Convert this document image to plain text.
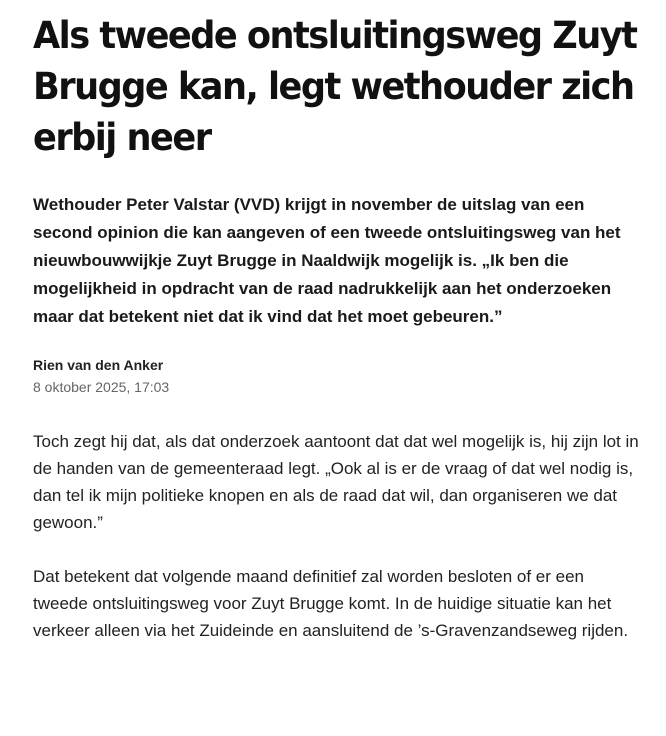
Als tweede ontsluitingsweg Zuyt Brugge kan, legt wethouder zich erbij neer

Wethouder Peter Valstar (VVD) krijgt in november de uitslag van een second opinion die kan aangeven of een tweede ontsluitingsweg van het nieuwbouwwijkje Zuyt Brugge in Naaldwijk mogelijk is. „Ik ben die mogelijkheid in opdracht van de raad nadrukkelijk aan het onderzoeken maar dat betekent niet dat ik vind dat het moet gebeuren.”

Rien van den Anker
8 oktober 2025, 17:03

Toch zegt hij dat, als dat onderzoek aantoont dat dat wel mogelijk is, hij zijn lot in de handen van de gemeenteraad legt. „Ook al is er de vraag of dat wel nodig is, dan tel ik mijn politieke knopen en als de raad dat wil, dan organiseren we dat gewoon.”

Dat betekent dat volgende maand definitief zal worden besloten of er een tweede ontsluitingsweg voor Zuyt Brugge komt. In de huidige situatie kan het verkeer alleen via het Zuideinde en aansluitend de ’s-Gravenzandseweg rijden.
